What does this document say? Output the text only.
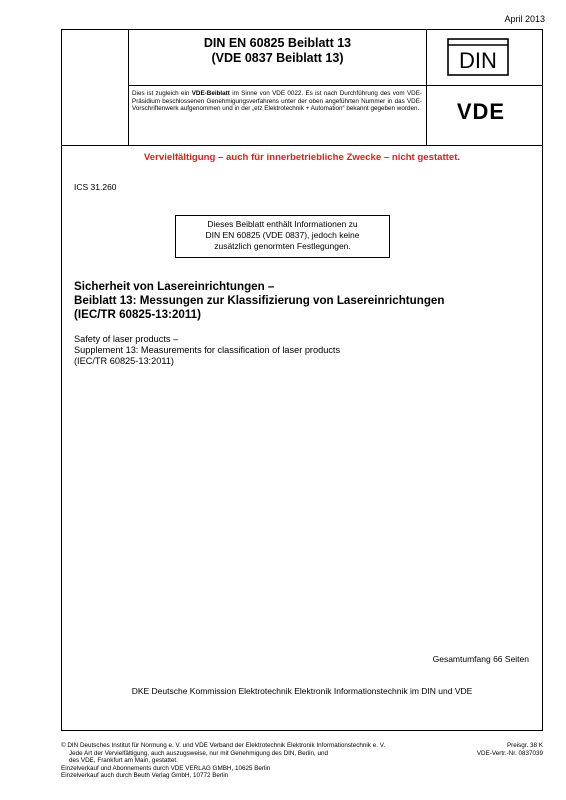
April 2013
DIN EN 60825 Beiblatt 13
(VDE 0837 Beiblatt 13)	DIN
VDE
Dies ist zugleich ein VDE-Beiblatt im Sinne von VDE 0022. Es ist nach Durchführung des vom VDE-Präsidium beschlossenen Genehmigungsverfahrens unter der oben angeführten Nummer in das VDE-Vorschriftenwerk aufgenommen und in der „etz Elektrotechnik + Automation“ bekannt gegeben worden.
Vervielfältigung – auch für innerbetriebliche Zwecke – nicht gestattet.
ICS 31.260
Dieses Beiblatt enthält Informationen zu
DIN EN 60825 (VDE 0837), jedoch keine
zusätzlich genormten Festlegungen.
Sicherheit von Lasereinrichtungen –
Beiblatt 13: Messungen zur Klassifizierung von Lasereinrichtungen
(IEC/TR 60825-13:2011)
Safety of laser products –
Supplement 13: Measurements for classification of laser products
(IEC/TR 60825-13:2011)
Gesamtumfang 66 Seiten
DKE Deutsche Kommission Elektrotechnik Elektronik Informationstechnik im DIN und VDE
© DIN Deutsches Institut für Normung e. V. und VDE Verband der Elektrotechnik Elektronik Informationstechnik e. V.
Jede Art der Vervielfältigung, auch auszugsweise, nur mit Genehmigung des DIN, Berlin, und
des VDE, Frankfurt am Main, gestattet.
Einzelverkauf und Abonnements durch VDE VERLAG GMBH, 10625 Berlin
Einzelverkauf auch durch Beuth Verlag GmbH, 10772 Berlin
Preisgr. 38 K
VDE-Vertr.-Nr. 0837039
